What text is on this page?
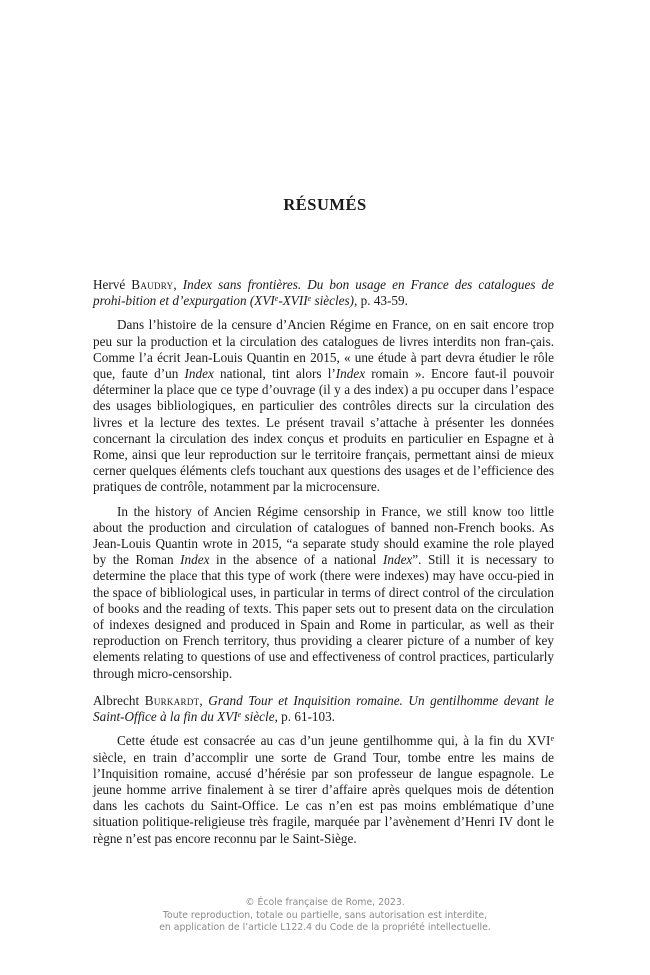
RÉSUMÉS

Hervé Baudry, Index sans frontières. Du bon usage en France des catalogues de prohi-bition et d’expurgation (XVIe-XVIIe siècles), p. 43-59.

Dans l’histoire de la censure d’Ancien Régime en France, on en sait encore trop peu sur la production et la circulation des catalogues de livres interdits non fran-çais. Comme l’a écrit Jean-Louis Quantin en 2015, « une étude à part devra étudier le rôle que, faute d’un Index national, tint alors l’Index romain ». Encore faut-il pouvoir déterminer la place que ce type d’ouvrage (il y a des index) a pu occuper dans l’espace des usages bibliologiques, en particulier des contrôles directs sur la circulation des livres et la lecture des textes. Le présent travail s’attache à présenter les données concernant la circulation des index conçus et produits en particulier en Espagne et à Rome, ainsi que leur reproduction sur le territoire français, permettant ainsi de mieux cerner quelques éléments clefs touchant aux questions des usages et de l’efficience des pratiques de contrôle, notamment par la microcensure.

In the history of Ancien Régime censorship in France, we still know too little about the production and circulation of catalogues of banned non-French books. As Jean-Louis Quantin wrote in 2015, “a separate study should examine the role played by the Roman Index in the absence of a national Index”. Still it is necessary to determine the place that this type of work (there were indexes) may have occu-pied in the space of bibliological uses, in particular in terms of direct control of the circulation of books and the reading of texts. This paper sets out to present data on the circulation of indexes designed and produced in Spain and Rome in particular, as well as their reproduction on French territory, thus providing a clearer picture of a number of key elements relating to questions of use and effectiveness of control practices, particularly through micro-censorship.

Albrecht Burkardt, Grand Tour et Inquisition romaine. Un gentilhomme devant le Saint-Office à la fin du XVIe siècle, p. 61-103.

Cette étude est consacrée au cas d’un jeune gentilhomme qui, à la fin du XVIe siècle, en train d’accomplir une sorte de Grand Tour, tombe entre les mains de l’Inquisition romaine, accusé d’hérésie par son professeur de langue espagnole. Le jeune homme arrive finalement à se tirer d’affaire après quelques mois de détention dans les cachots du Saint-Office. Le cas n’en est pas moins emblématique d’une situation politique-religieuse très fragile, marquée par l’avènement d’Henri IV dont le règne n’est pas encore reconnu par le Saint-Siège.

© École française de Rome, 2023.
Toute reproduction, totale ou partielle, sans autorisation est interdite,
en application de l’article L122.4 du Code de la propriété intellectuelle.
